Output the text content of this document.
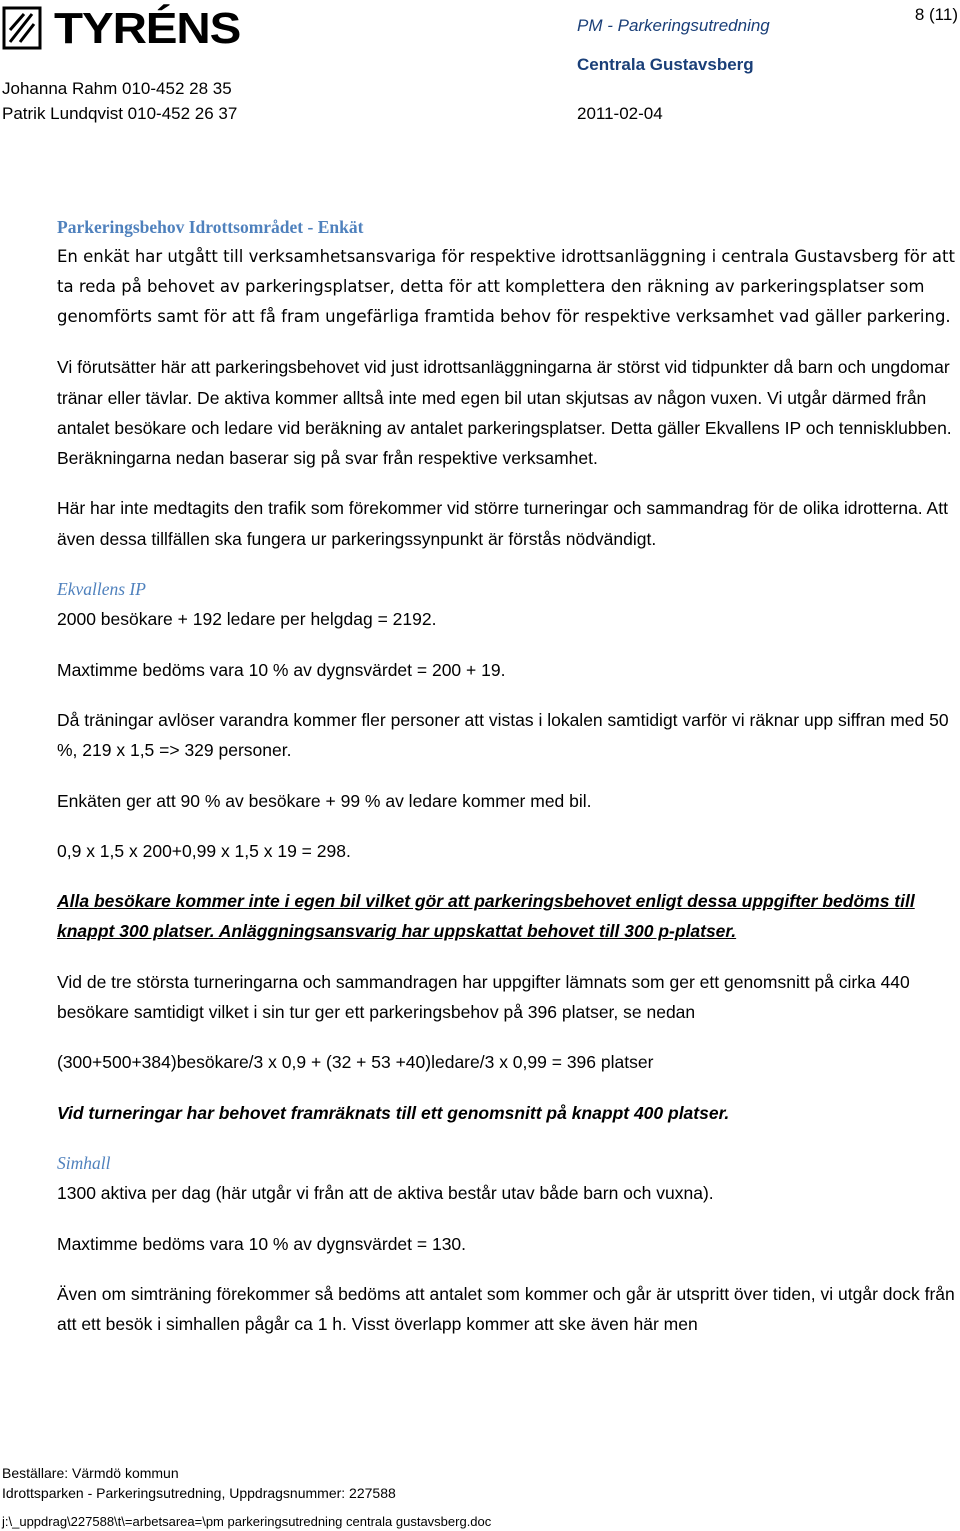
TYRÉNS	8 (11)
PM - Parkeringsutredning
Centrala Gustavsberg
Johanna Rahm 010-452 28 35
Patrik Lundqvist 010-452 26 37	2011-02-04

Parkeringsbehov Idrottsområdet - Enkät

En enkät har utgått till verksamhetsansvariga för respektive idrottsanläggning i centrala Gustavsberg för att ta reda på behovet av parkeringsplatser, detta för att komplettera den räkning av parkeringsplatser som genomförts samt för att få fram ungefärliga framtida behov för respektive verksamhet vad gäller parkering.

Vi förutsätter här att parkeringsbehovet vid just idrottsanläggningarna är störst vid tidpunkter då barn och ungdomar tränar eller tävlar. De aktiva kommer alltså inte med egen bil utan skjutsas av någon vuxen. Vi utgår därmed från antalet besökare och ledare vid beräkning av antalet parkeringsplatser. Detta gäller Ekvallens IP och tennisklubben. Beräkningarna nedan baserar sig på svar från respektive verksamhet.

Här har inte medtagits den trafik som förekommer vid större turneringar och sammandrag för de olika idrotterna. Att även dessa tillfällen ska fungera ur parkeringssynpunkt är förstås nödvändigt.

Ekvallens IP

2000 besökare + 192 ledare per helgdag = 2192.

Maxtimme bedöms vara 10 % av dygnsvärdet = 200 + 19.

Då träningar avlöser varandra kommer fler personer att vistas i lokalen samtidigt varför vi räknar upp siffran med 50 %, 219 x 1,5 => 329 personer.

Enkäten ger att 90 % av besökare + 99 % av ledare kommer med bil.

0,9 x 1,5 x 200+0,99 x 1,5 x 19 = 298.

Alla besökare kommer inte i egen bil vilket gör att parkeringsbehovet enligt dessa uppgifter bedöms till knappt 300 platser. Anläggningsansvarig har uppskattat behovet till 300 p-platser.

Vid de tre största turneringarna och sammandragen har uppgifter lämnats som ger ett genomsnitt på cirka 440 besökare samtidigt vilket i sin tur ger ett parkeringsbehov på 396 platser, se nedan

(300+500+384)besökare/3 x 0,9 + (32 + 53 +40)ledare/3 x 0,99 = 396 platser

Vid turneringar har behovet framräknats till ett genomsnitt på knappt 400 platser.

Simhall

1300 aktiva per dag (här utgår vi från att de aktiva består utav både barn och vuxna).

Maxtimme bedöms vara 10 % av dygnsvärdet = 130.

Även om simträning förekommer så bedöms att antalet som kommer och går är utspritt över tiden, vi utgår dock från att ett besök i simhallen pågår ca 1 h. Visst överlapp kommer att ske även här men

Beställare: Värmdö kommun
Idrottsparken - Parkeringsutredning, Uppdragsnummer: 227588
j:\_uppdrag\227588\t\=arbetsarea=\pm parkeringsutredning centrala gustavsberg.doc
